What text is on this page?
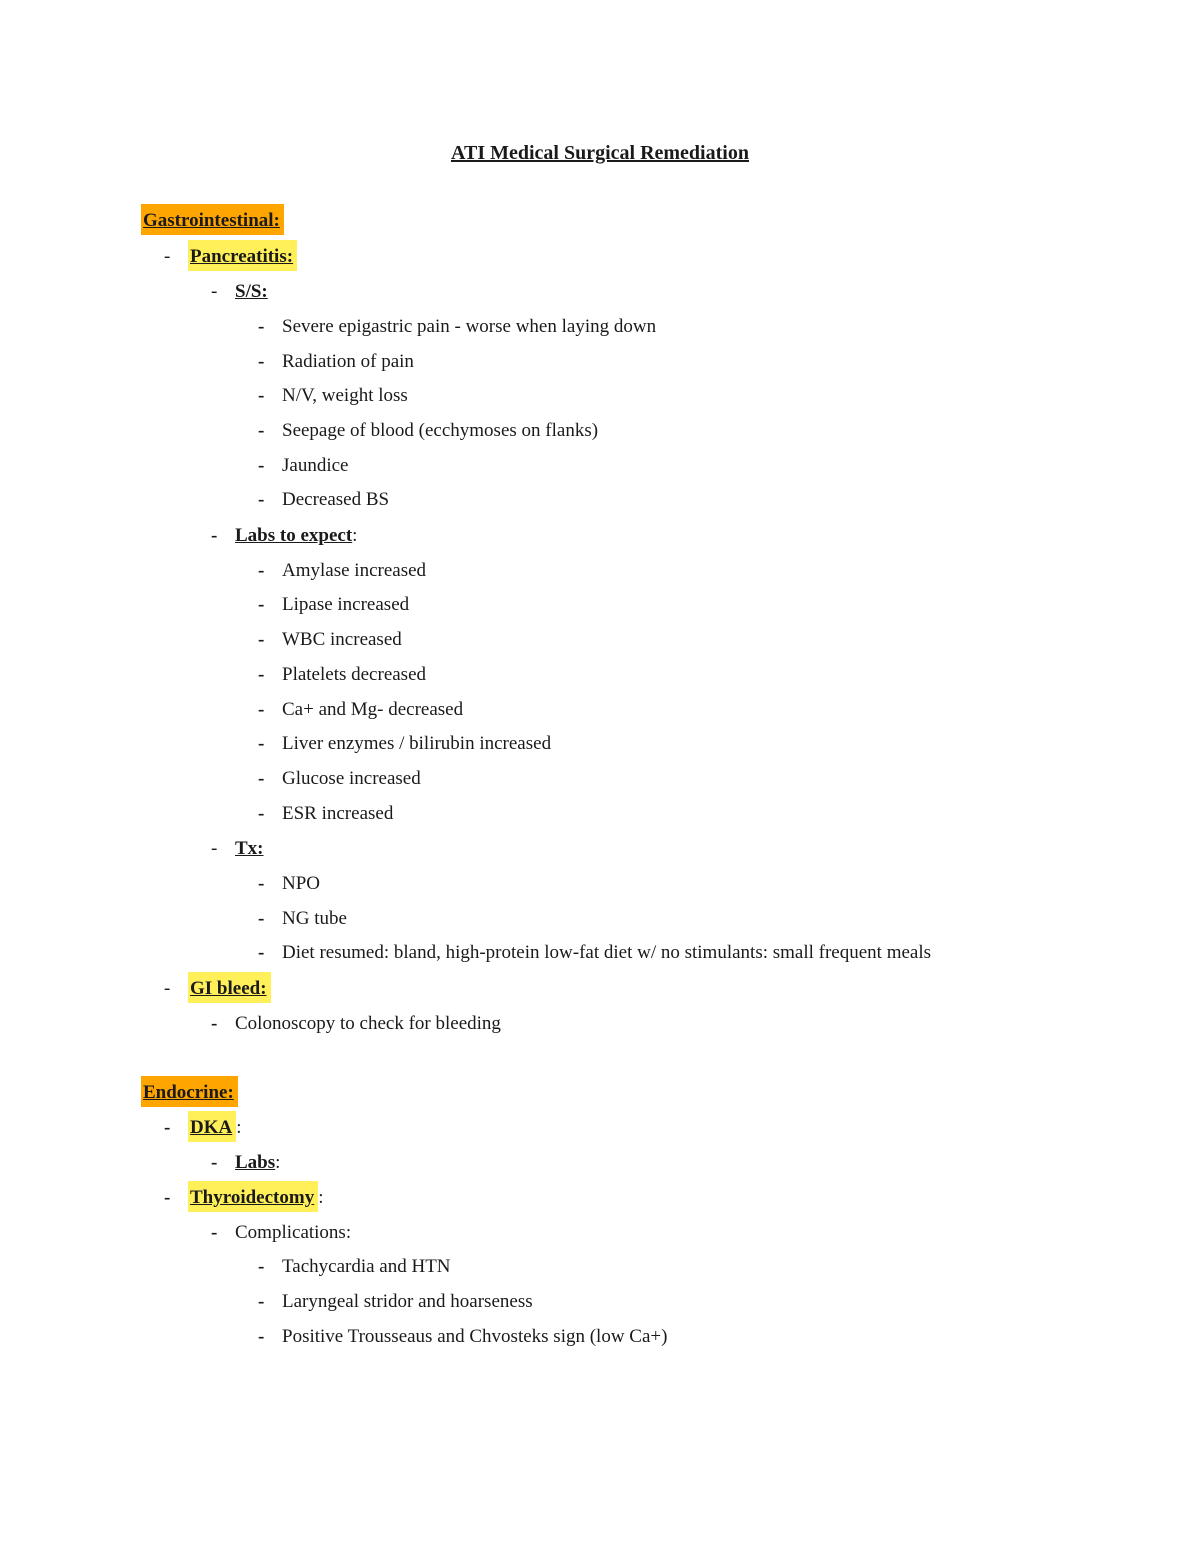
ATI Medical Surgical Remediation
Gastrointestinal:
- Pancreatitis:
- S/S:
- Severe epigastric pain - worse when laying down
- Radiation of pain
- N/V, weight loss
- Seepage of blood (ecchymoses on flanks)
- Jaundice
- Decreased BS
- Labs to expect:
- Amylase increased
- Lipase increased
- WBC increased
- Platelets decreased
- Ca+ and Mg- decreased
- Liver enzymes / bilirubin increased
- Glucose increased
- ESR increased
- Tx:
- NPO
- NG tube
- Diet resumed: bland, high-protein low-fat diet w/ no stimulants: small frequent meals
- GI bleed:
- Colonoscopy to check for bleeding
Endocrine:
- DKA :
- Labs:
- Thyroidectomy :
- Complications:
- Tachycardia and HTN
- Laryngeal stridor and hoarseness
- Positive Trousseaus and Chvosteks sign (low Ca+)
